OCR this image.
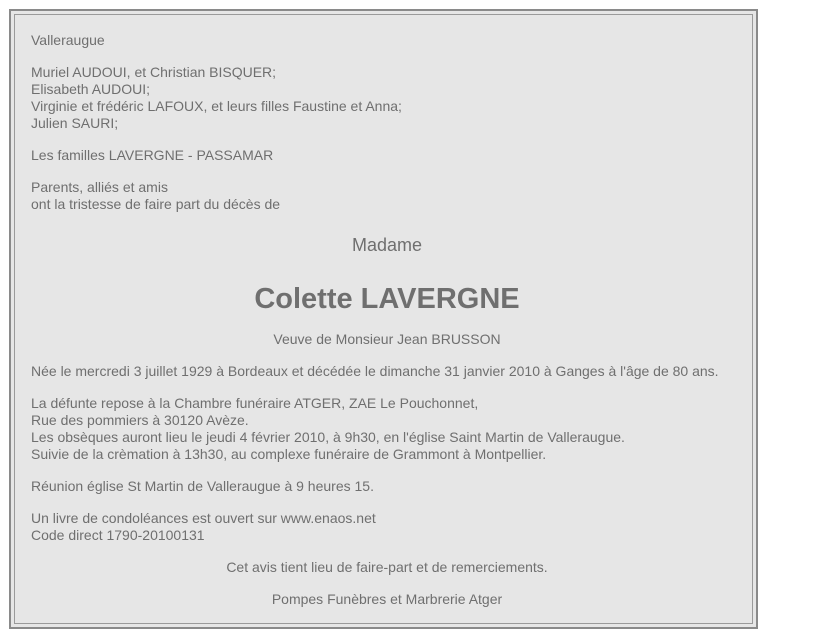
Valleraugue
Muriel AUDOUI, et Christian BISQUER;
Elisabeth AUDOUI;
Virginie et frédéric LAFOUX, et leurs filles Faustine et Anna;
Julien SAURI;
Les familles LAVERGNE - PASSAMAR
Parents, alliés et amis
ont la tristesse de faire part du décès de
Madame
Colette LAVERGNE
Veuve de Monsieur Jean BRUSSON
Née le mercredi 3 juillet 1929 à Bordeaux et décédée le dimanche 31 janvier 2010 à Ganges à l'âge de 80 ans.
La défunte repose à la Chambre funéraire ATGER, ZAE Le Pouchonnet,
Rue des pommiers à 30120 Avèze.
Les obsèques auront lieu le jeudi 4 février 2010, à 9h30, en l'église Saint Martin de Valleraugue.
Suivie de la crèmation à 13h30, au complexe funéraire de Grammont à Montpellier.
Réunion église St Martin de Valleraugue à 9 heures 15.
Un livre de condoléances est ouvert sur www.enaos.net
Code direct 1790-20100131
Cet avis tient lieu de faire-part et de remerciements.
Pompes Funèbres et Marbrerie Atger
